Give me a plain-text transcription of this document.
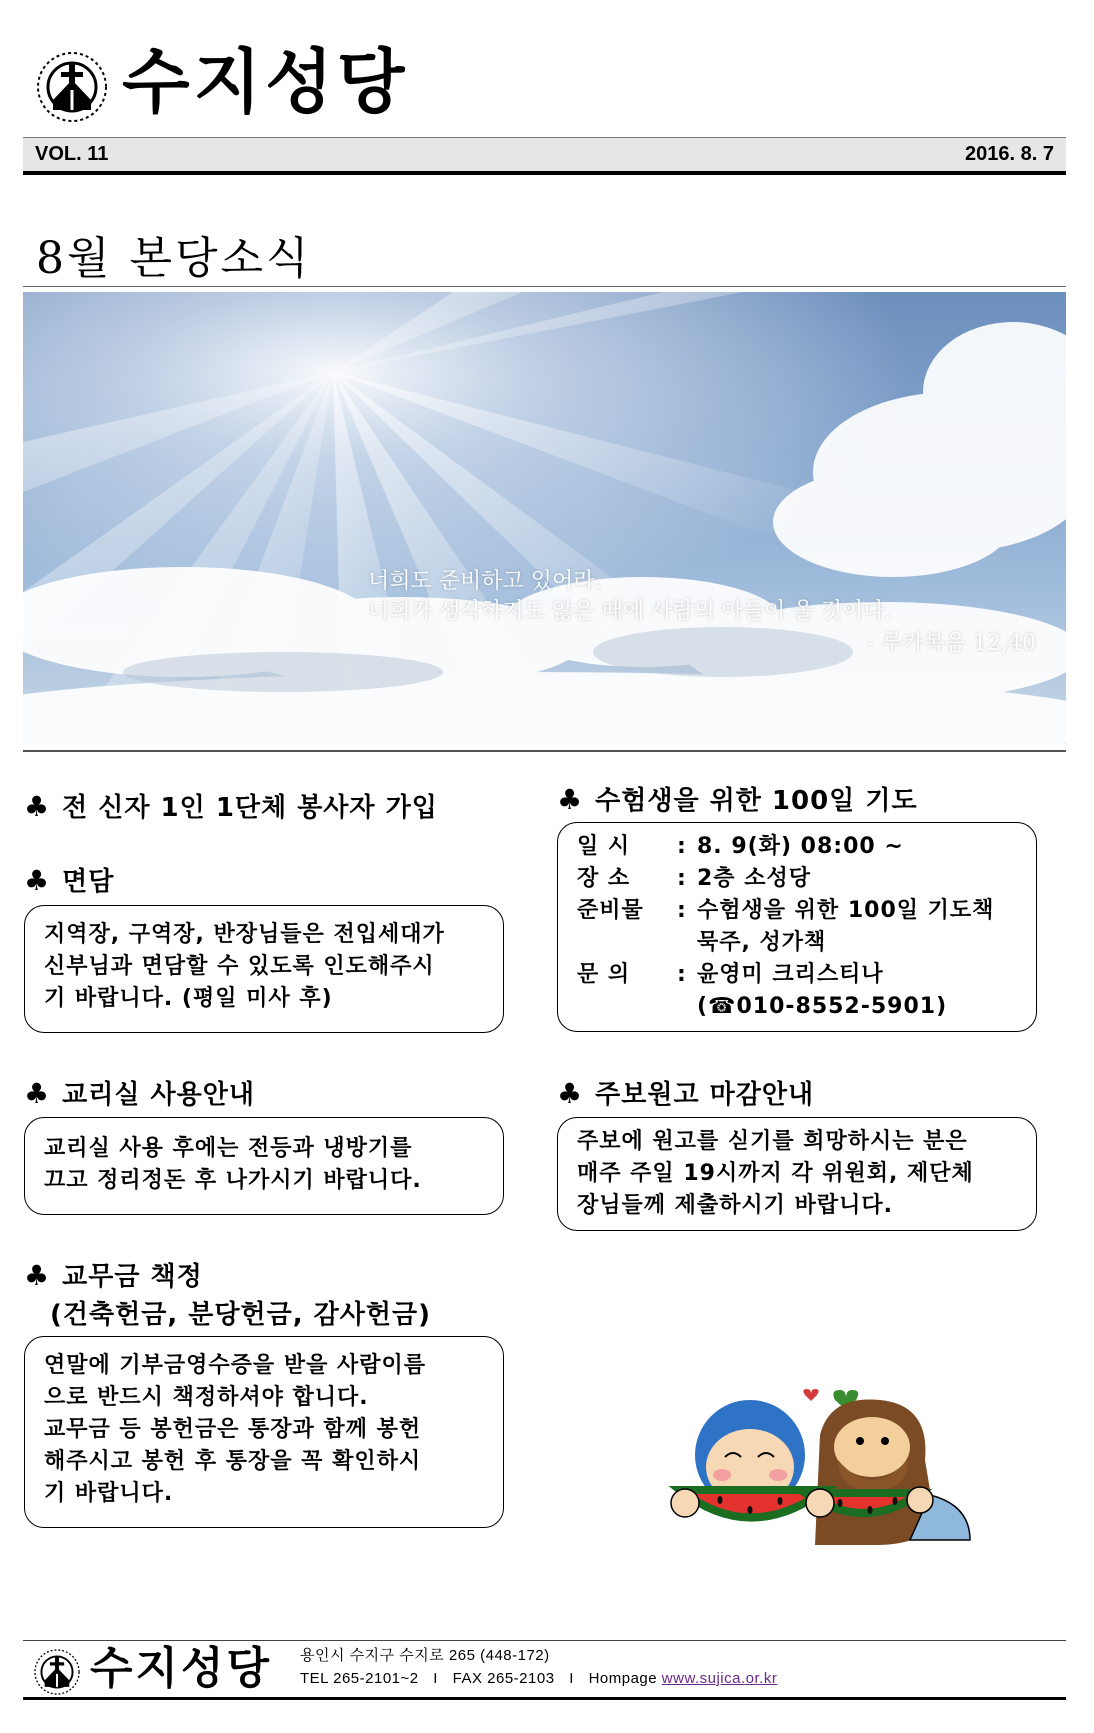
수지성당
VOL. 11	2016. 8. 7
8월 본당소식
너희도 준비하고 있어라.
너희가 생각하지도 않은 때에 사람의 아들이 올 것이다.
- 루카복음 12,40
♣ 전 신자 1인 1단체 봉사자 가입
♣ 면담
지역장, 구역장, 반장님들은 전입세대가
신부님과 면담할 수 있도록 인도해주시
기 바랍니다. (평일 미사 후)
♣ 교리실 사용안내
교리실 사용 후에는 전등과 냉방기를
끄고 정리정돈 후 나가시기 바랍니다.
♣ 교무금 책정
(건축헌금, 분당헌금, 감사헌금)
연말에 기부금영수증을 받을 사람이름
으로 반드시 책정하셔야 합니다.
교무금 등 봉헌금은 통장과 함께 봉헌
해주시고 봉헌 후 통장을 꼭 확인하시
기 바랍니다.
♣ 수험생을 위한 100일 기도
일 시 : 8. 9(화) 08:00 ~
장 소 : 2층 소성당
준비물 : 수험생을 위한 100일 기도책
묵주, 성가책
문 의 : 윤영미 크리스티나
(☎010-8552-5901)
♣ 주보원고 마감안내
주보에 원고를 싣기를 희망하시는 분은
매주 주일 19시까지 각 위원회, 제단체
장님들께 제출하시기 바랍니다.
수지성당 용인시 수지구 수지로 265 (448-172)
TEL 265-2101~2 I FAX 265-2103 I Hompage www.sujica.or.kr
